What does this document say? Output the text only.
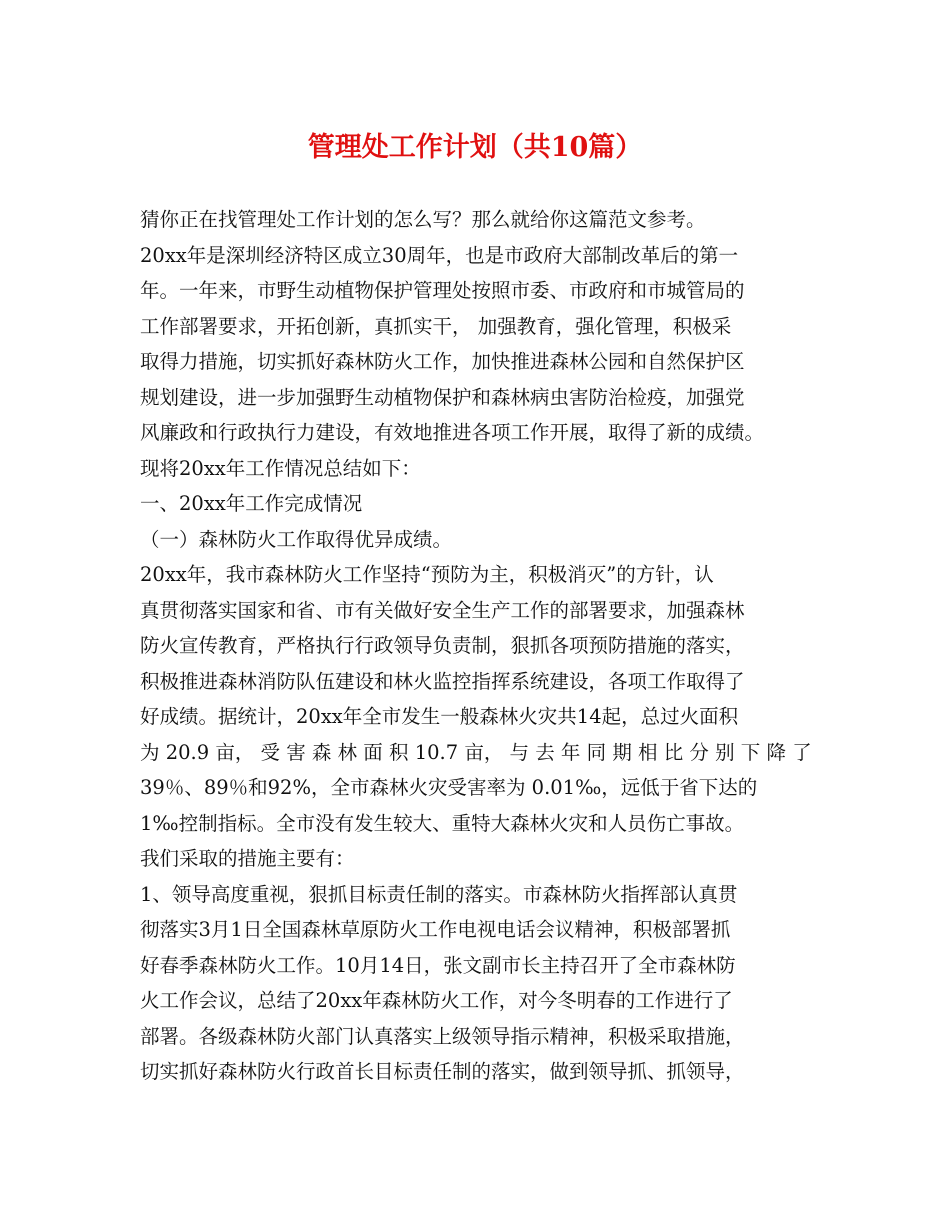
管理处工作计划（共10篇）
猜你正在找管理处工作计划的怎么写？那么就给你这篇范文参考。
20xx年是深圳经济特区成立30周年，也是市政府大部制改革后的第一
年。一年来，市野生动植物保护管理处按照市委、市政府和市城管局的
工作部署要求，开拓创新，真抓实干， 加强教育，强化管理，积极采
取得力措施，切实抓好森林防火工作，加快推进森林公园和自然保护区
规划建设，进一步加强野生动植物保护和森林病虫害防治检疫，加强党
风廉政和行政执行力建设，有效地推进各项工作开展，取得了新的成绩。
现将20xx年工作情况总结如下：
一、20xx年工作完成情况
（一）森林防火工作取得优异成绩。
20xx年，我市森林防火工作坚持“预防为主，积极消灭”的方针，认
真贯彻落实国家和省、市有关做好安全生产工作的部署要求，加强森林
防火宣传教育，严格执行行政领导负责制，狠抓各项预防措施的落实，
积极推进森林消防队伍建设和林火监控指挥系统建设，各项工作取得了
好成绩。据统计，20xx年全市发生一般森林火灾共14起，总过火面积
为 20.9 亩， 受 害 森 林 面 积 10.7 亩， 与 去 年 同 期 相 比 分 别 下 降 了
39％、89％和92%，全市森林火灾受害率为 0.01‰，远低于省下达的
1‰控制指标。全市没有发生较大、重特大森林火灾和人员伤亡事故。
我们采取的措施主要有：
1、领导高度重视，狠抓目标责任制的落实。市森林防火指挥部认真贯
彻落实3月1日全国森林草原防火工作电视电话会议精神，积极部署抓
好春季森林防火工作。10月14日，张文副市长主持召开了全市森林防
火工作会议，总结了20xx年森林防火工作，对今冬明春的工作进行了
部署。各级森林防火部门认真落实上级领导指示精神，积极采取措施，
切实抓好森林防火行政首长目标责任制的落实，做到领导抓、抓领导，
